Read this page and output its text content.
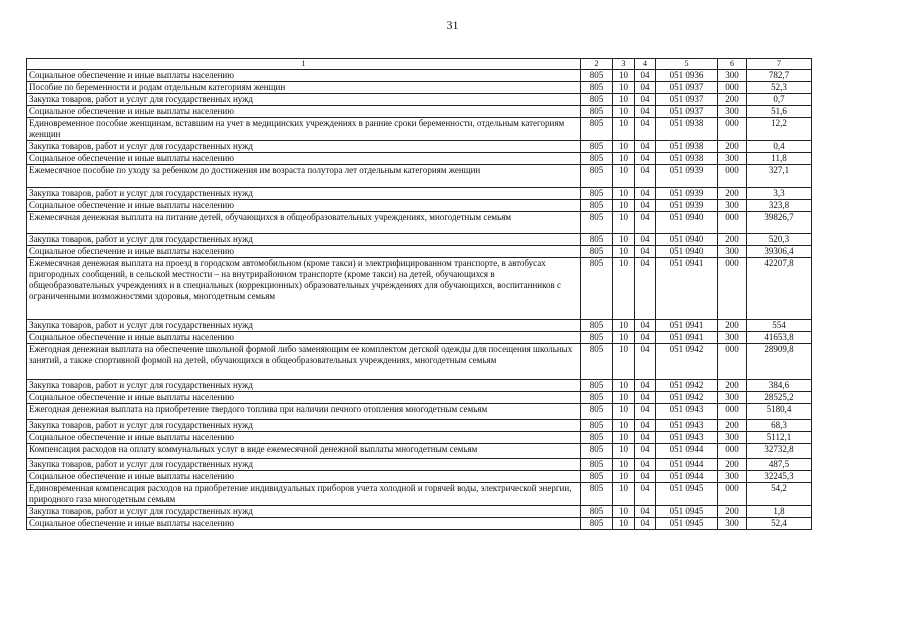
31
1	2	3	4	5	6	7
Социальное обеспечение и иные выплаты населению	805	10	04	051 0936	300	782,7
Пособие по беременности и родам отдельным категориям женщин	805	10	04	051 0937	000	52,3
Закупка товаров, работ и услуг для государственных нужд	805	10	04	051 0937	200	0,7
Социальное обеспечение и иные выплаты населению	805	10	04	051 0937	300	51,6
Единовременное пособие женщинам, вставшим на учет в медицинских учреждениях в ранние сроки беременности, отдельным категориям женщин	805	10	04	051 0938	000	12,2
Закупка товаров, работ и услуг для государственных нужд	805	10	04	051 0938	200	0,4
Социальное обеспечение и иные выплаты населению	805	10	04	051 0938	300	11,8
Ежемесячное пособие по уходу за ребенком до достижения им возраста полутора лет отдельным категориям женщин	805	10	04	051 0939	000	327,1
Закупка товаров, работ и услуг для государственных нужд	805	10	04	051 0939	200	3,3
Социальное обеспечение и иные выплаты населению	805	10	04	051 0939	300	323,8
Ежемесячная денежная выплата на питание детей, обучающихся в общеобразовательных учреждениях, многодетным семьям	805	10	04	051 0940	000	39826,7
Закупка товаров, работ и услуг для государственных нужд	805	10	04	051 0940	200	520,3
Социальное обеспечение и иные выплаты населению	805	10	04	051 0940	300	39306,4
Ежемесячная денежная выплата на проезд в городском автомобильном (кроме такси) и электрифицированном транспорте, в автобусах пригородных сообщений, в сельской местности – на внутрирайонном транспорте (кроме такси) на детей, обучающихся в общеобразовательных учреждениях и в специальных (коррекционных) образовательных учреждениях для обучающихся, воспитанников с ограниченными возможностями здоровья, многодетным семьям	805	10	04	051 0941	000	42207,8
Закупка товаров, работ и услуг для государственных нужд	805	10	04	051 0941	200	554
Социальное обеспечение и иные выплаты населению	805	10	04	051 0941	300	41653,8
Ежегодная денежная выплата на обеспечение школьной формой либо заменяющим ее комплектом детской одежды для посещения школьных занятий, а также спортивной формой на детей, обучающихся в общеобразовательных учреждениях, многодетным семьям	805	10	04	051 0942	000	28909,8
Закупка товаров, работ и услуг для государственных нужд	805	10	04	051 0942	200	384,6
Социальное обеспечение и иные выплаты населению	805	10	04	051 0942	300	28525,2
Ежегодная денежная выплата на приобретение твердого топлива при наличии печного отопления многодетным семьям	805	10	04	051 0943	000	5180,4
Закупка товаров, работ и услуг для государственных нужд	805	10	04	051 0943	200	68,3
Социальное обеспечение и иные выплаты населению	805	10	04	051 0943	300	5112,1
Компенсация расходов на оплату коммунальных услуг в виде ежемесячной денежной выплаты многодетным семьям	805	10	04	051 0944	000	32732,8
Закупка товаров, работ и услуг для государственных нужд	805	10	04	051 0944	200	487,5
Социальное обеспечение и иные выплаты населению	805	10	04	051 0944	300	32245,3
Единовременная компенсация расходов на приобретение индивидуальных приборов учета холодной и горячей воды, электрической энергии, природного газа многодетным семьям	805	10	04	051 0945	000	54,2
Закупка товаров, работ и услуг для государственных нужд	805	10	04	051 0945	200	1,8
Социальное обеспечение и иные выплаты населению	805	10	04	051 0945	300	52,4
